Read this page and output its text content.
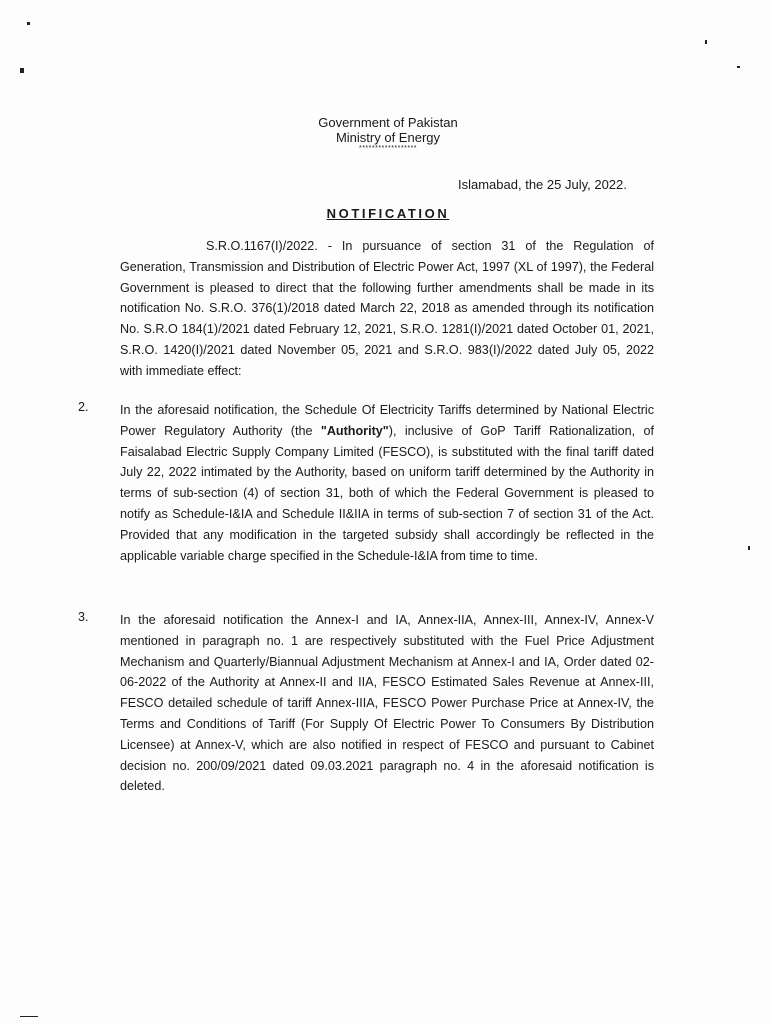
Government of Pakistan
Ministry of Energy
******************
Islamabad, the 25 July, 2022.
NOTIFICATION
S.R.O.1167(I)/2022. - In pursuance of section 31 of the Regulation of Generation, Transmission and Distribution of Electric Power Act, 1997 (XL of 1997), the Federal Government is pleased to direct that the following further amendments shall be made in its notification No. S.R.O. 376(1)/2018 dated March 22, 2018 as amended through its notification No. S.R.O 184(1)/2021 dated February 12, 2021, S.R.O. 1281(I)/2021 dated October 01, 2021, S.R.O. 1420(I)/2021 dated November 05, 2021 and S.R.O. 983(I)/2022 dated July 05, 2022 with immediate effect:
2. In the aforesaid notification, the Schedule Of Electricity Tariffs determined by National Electric Power Regulatory Authority (the "Authority"), inclusive of GoP Tariff Rationalization, of Faisalabad Electric Supply Company Limited (FESCO), is substituted with the final tariff dated July 22, 2022 intimated by the Authority, based on uniform tariff determined by the Authority in terms of sub-section (4) of section 31, both of which the Federal Government is pleased to notify as Schedule-I&IA and Schedule II&IIA in terms of sub-section 7 of section 31 of the Act. Provided that any modification in the targeted subsidy shall accordingly be reflected in the applicable variable charge specified in the Schedule-I&IA from time to time.
3. In the aforesaid notification the Annex-I and IA, Annex-IIA, Annex-III, Annex-IV, Annex-V mentioned in paragraph no. 1 are respectively substituted with the Fuel Price Adjustment Mechanism and Quarterly/Biannual Adjustment Mechanism at Annex-I and IA, Order dated 02-06-2022 of the Authority at Annex-II and IIA, FESCO Estimated Sales Revenue at Annex-III, FESCO detailed schedule of tariff Annex-IIIA, FESCO Power Purchase Price at Annex-IV, the Terms and Conditions of Tariff (For Supply Of Electric Power To Consumers By Distribution Licensee) at Annex-V, which are also notified in respect of FESCO and pursuant to Cabinet decision no. 200/09/2021 dated 09.03.2021 paragraph no. 4 in the aforesaid notification is deleted.
